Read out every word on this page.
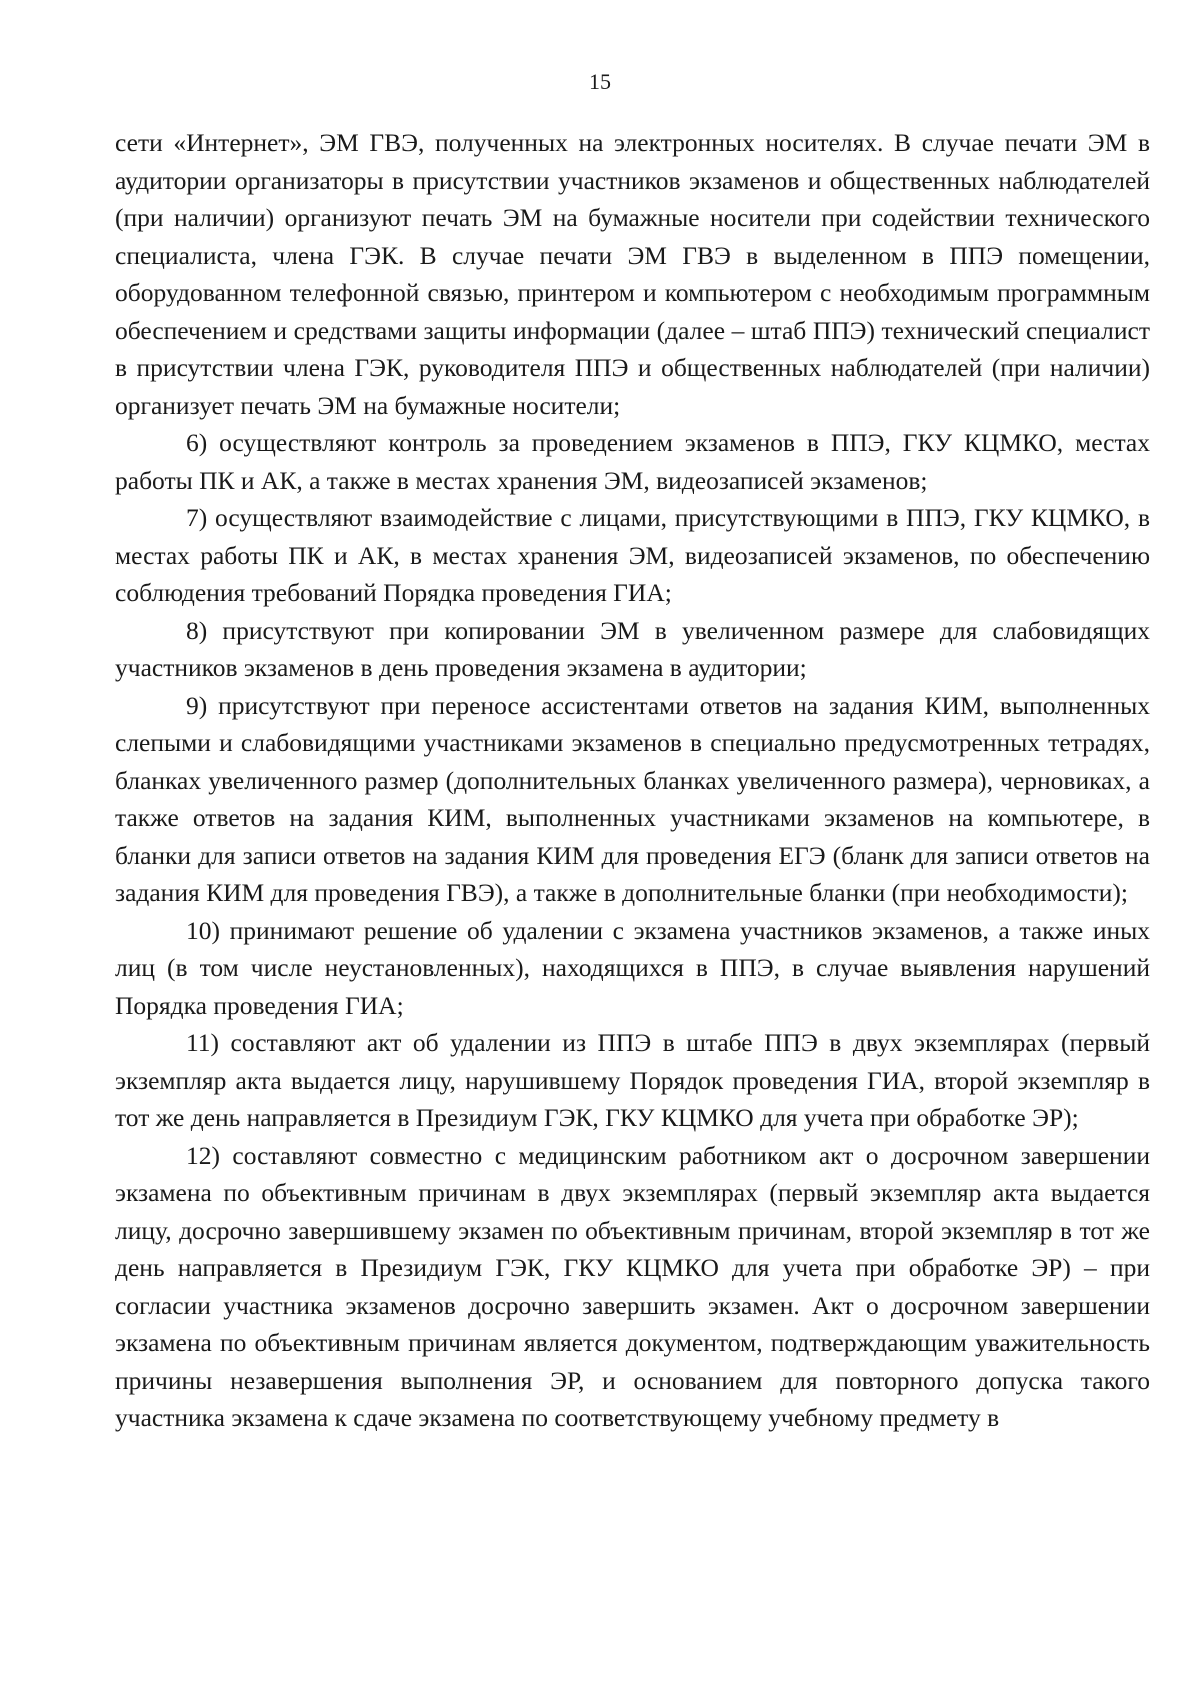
15

сети «Интернет», ЭМ ГВЭ, полученных на электронных носителях. В случае печати ЭМ в аудитории организаторы в присутствии участников экзаменов и общественных наблюдателей (при наличии) организуют печать ЭМ на бумажные носители при содействии технического специалиста, члена ГЭК. В случае печати ЭМ ГВЭ в выделенном в ППЭ помещении, оборудованном телефонной связью, принтером и компьютером с необходимым программным обеспечением и средствами защиты информации (далее – штаб ППЭ) технический специалист в присутствии члена ГЭК, руководителя ППЭ и общественных наблюдателей (при наличии) организует печать ЭМ на бумажные носители;

6) осуществляют контроль за проведением экзаменов в ППЭ, ГКУ КЦМКО, местах работы ПК и АК, а также в местах хранения ЭМ, видеозаписей экзаменов;

7) осуществляют взаимодействие с лицами, присутствующими в ППЭ, ГКУ КЦМКО, в местах работы ПК и АК, в местах хранения ЭМ, видеозаписей экзаменов, по обеспечению соблюдения требований Порядка проведения ГИА;

8) присутствуют при копировании ЭМ в увеличенном размере для слабовидящих участников экзаменов в день проведения экзамена в аудитории;

9) присутствуют при переносе ассистентами ответов на задания КИМ, выполненных слепыми и слабовидящими участниками экзаменов в специально предусмотренных тетрадях, бланках увеличенного размер (дополнительных бланках увеличенного размера), черновиках, а также ответов на задания КИМ, выполненных участниками экзаменов на компьютере, в бланки для записи ответов на задания КИМ для проведения ЕГЭ (бланк для записи ответов на задания КИМ для проведения ГВЭ), а также в дополнительные бланки (при необходимости);

10) принимают решение об удалении с экзамена участников экзаменов, а также иных лиц (в том числе неустановленных), находящихся в ППЭ, в случае выявления нарушений Порядка проведения ГИА;

11) составляют акт об удалении из ППЭ в штабе ППЭ в двух экземплярах (первый экземпляр акта выдается лицу, нарушившему Порядок проведения ГИА, второй экземпляр в тот же день направляется в Президиум ГЭК, ГКУ КЦМКО для учета при обработке ЭР);

12) составляют совместно с медицинским работником акт о досрочном завершении экзамена по объективным причинам в двух экземплярах (первый экземпляр акта выдается лицу, досрочно завершившему экзамен по объективным причинам, второй экземпляр в тот же день направляется в Президиум ГЭК, ГКУ КЦМКО для учета при обработке ЭР) – при согласии участника экзаменов досрочно завершить экзамен. Акт о досрочном завершении экзамена по объективным причинам является документом, подтверждающим уважительность причины незавершения выполнения ЭР, и основанием для повторного допуска такого участника экзамена к сдаче экзамена по соответствующему учебному предмету в
